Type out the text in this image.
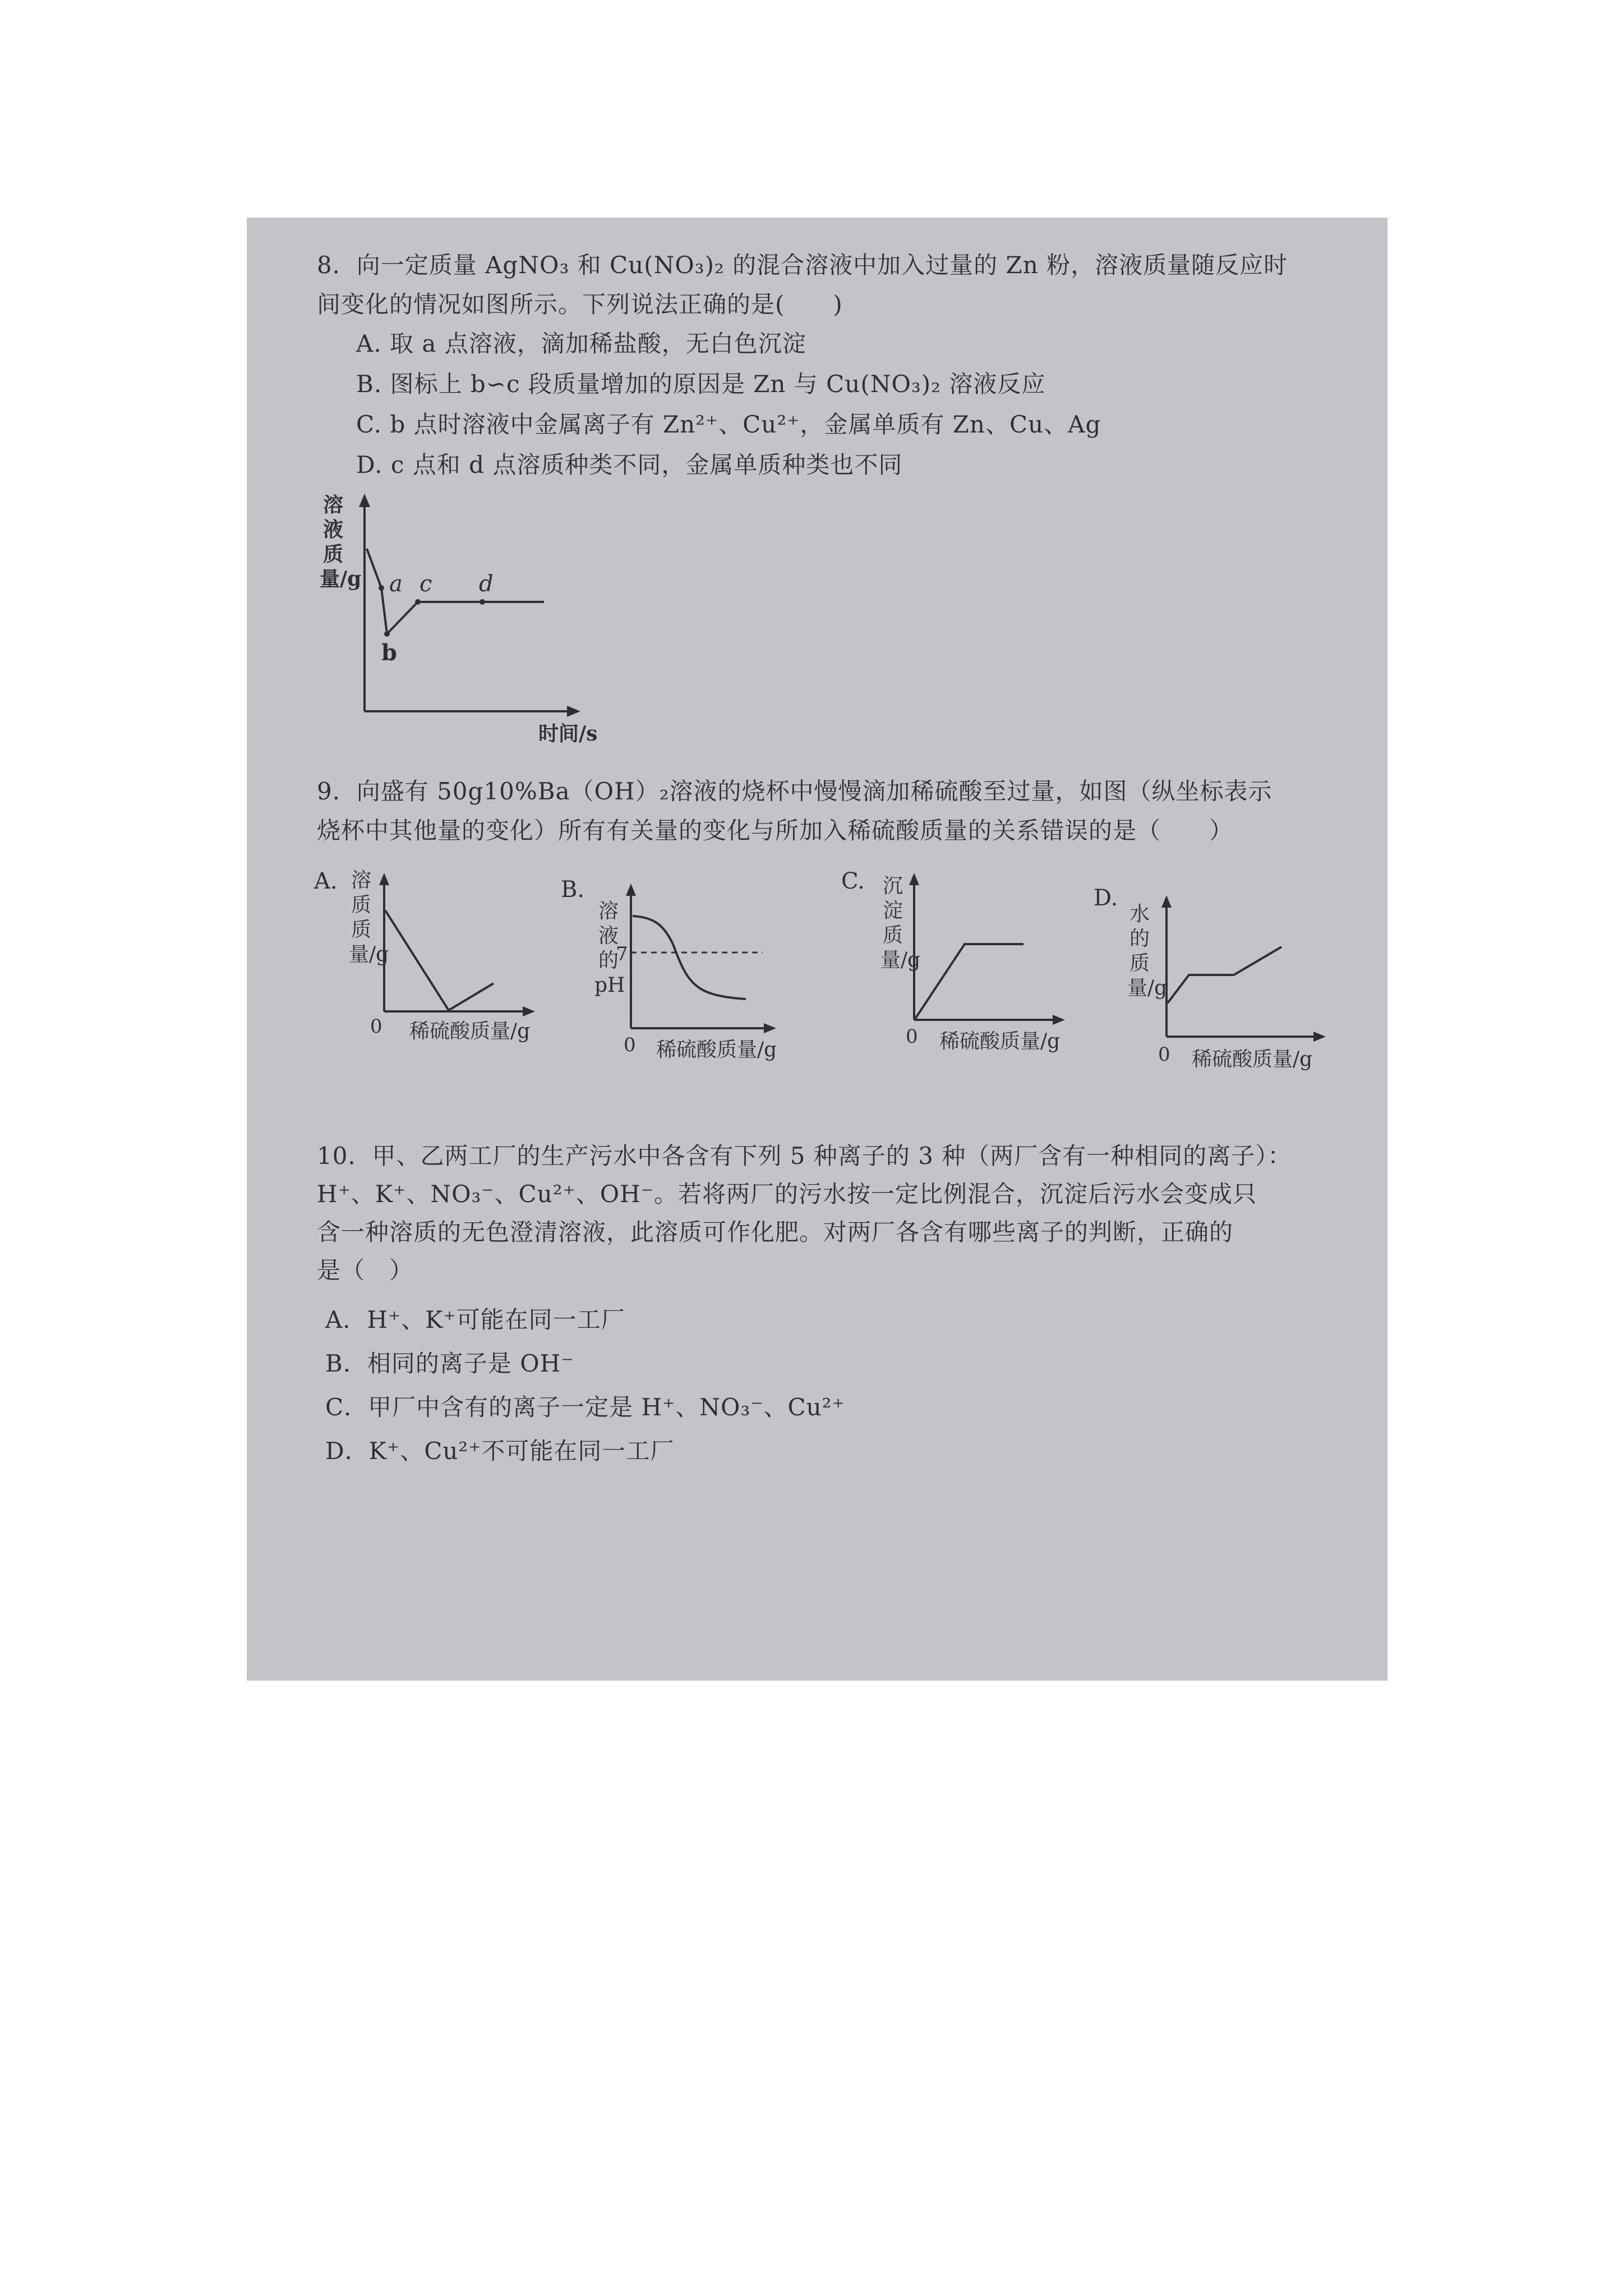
8．向一定质量 AgNO₃ 和 Cu(NO₃)₂ 的混合溶液中加入过量的 Zn 粉，溶液质量随反应时
间变化的情况如图所示。下列说法正确的是(　　)
A. 取 a 点溶液，滴加稀盐酸，无白色沉淀
B. 图标上 b∽c 段质量增加的原因是 Zn 与 Cu(NO₃)₂ 溶液反应
C. b 点时溶液中金属离子有 Zn²⁺、Cu²⁺，金属单质有 Zn、Cu、Ag
D. c 点和 d 点溶质种类不同，金属单质种类也不同
溶液质量/g a
b
c d
时间/s
9．向盛有 50g10%Ba（OH）₂溶液的烧杯中慢慢滴加稀硫酸至过量，如图（纵坐标表示
烧杯中其他量的变化）所有有关量的变化与所加入稀硫酸质量的关系错误的是（　　）
A. 溶质质量/g
0 稀硫酸质量/g
B.
溶液的pH
7
0 稀硫酸质量/g
C. 沉淀质量/g
0 稀硫酸质量/g
D.
水的质量/g
0 稀硫酸质量/g
10．甲、乙两工厂的生产污水中各含有下列 5 种离子的 3 种（两厂含有一种相同的离子）：
H⁺、K⁺、NO₃⁻、Cu²⁺、OH⁻。若将两厂的污水按一定比例混合，沉淀后污水会变成只
含一种溶质的无色澄清溶液，此溶质可作化肥。对两厂各含有哪些离子的判断，正确的
是（　）
A．H⁺、K⁺可能在同一工厂
B．相同的离子是 OH⁻
C．甲厂中含有的离子一定是 H⁺、NO₃⁻、Cu²⁺
D．K⁺、Cu²⁺不可能在同一工厂
